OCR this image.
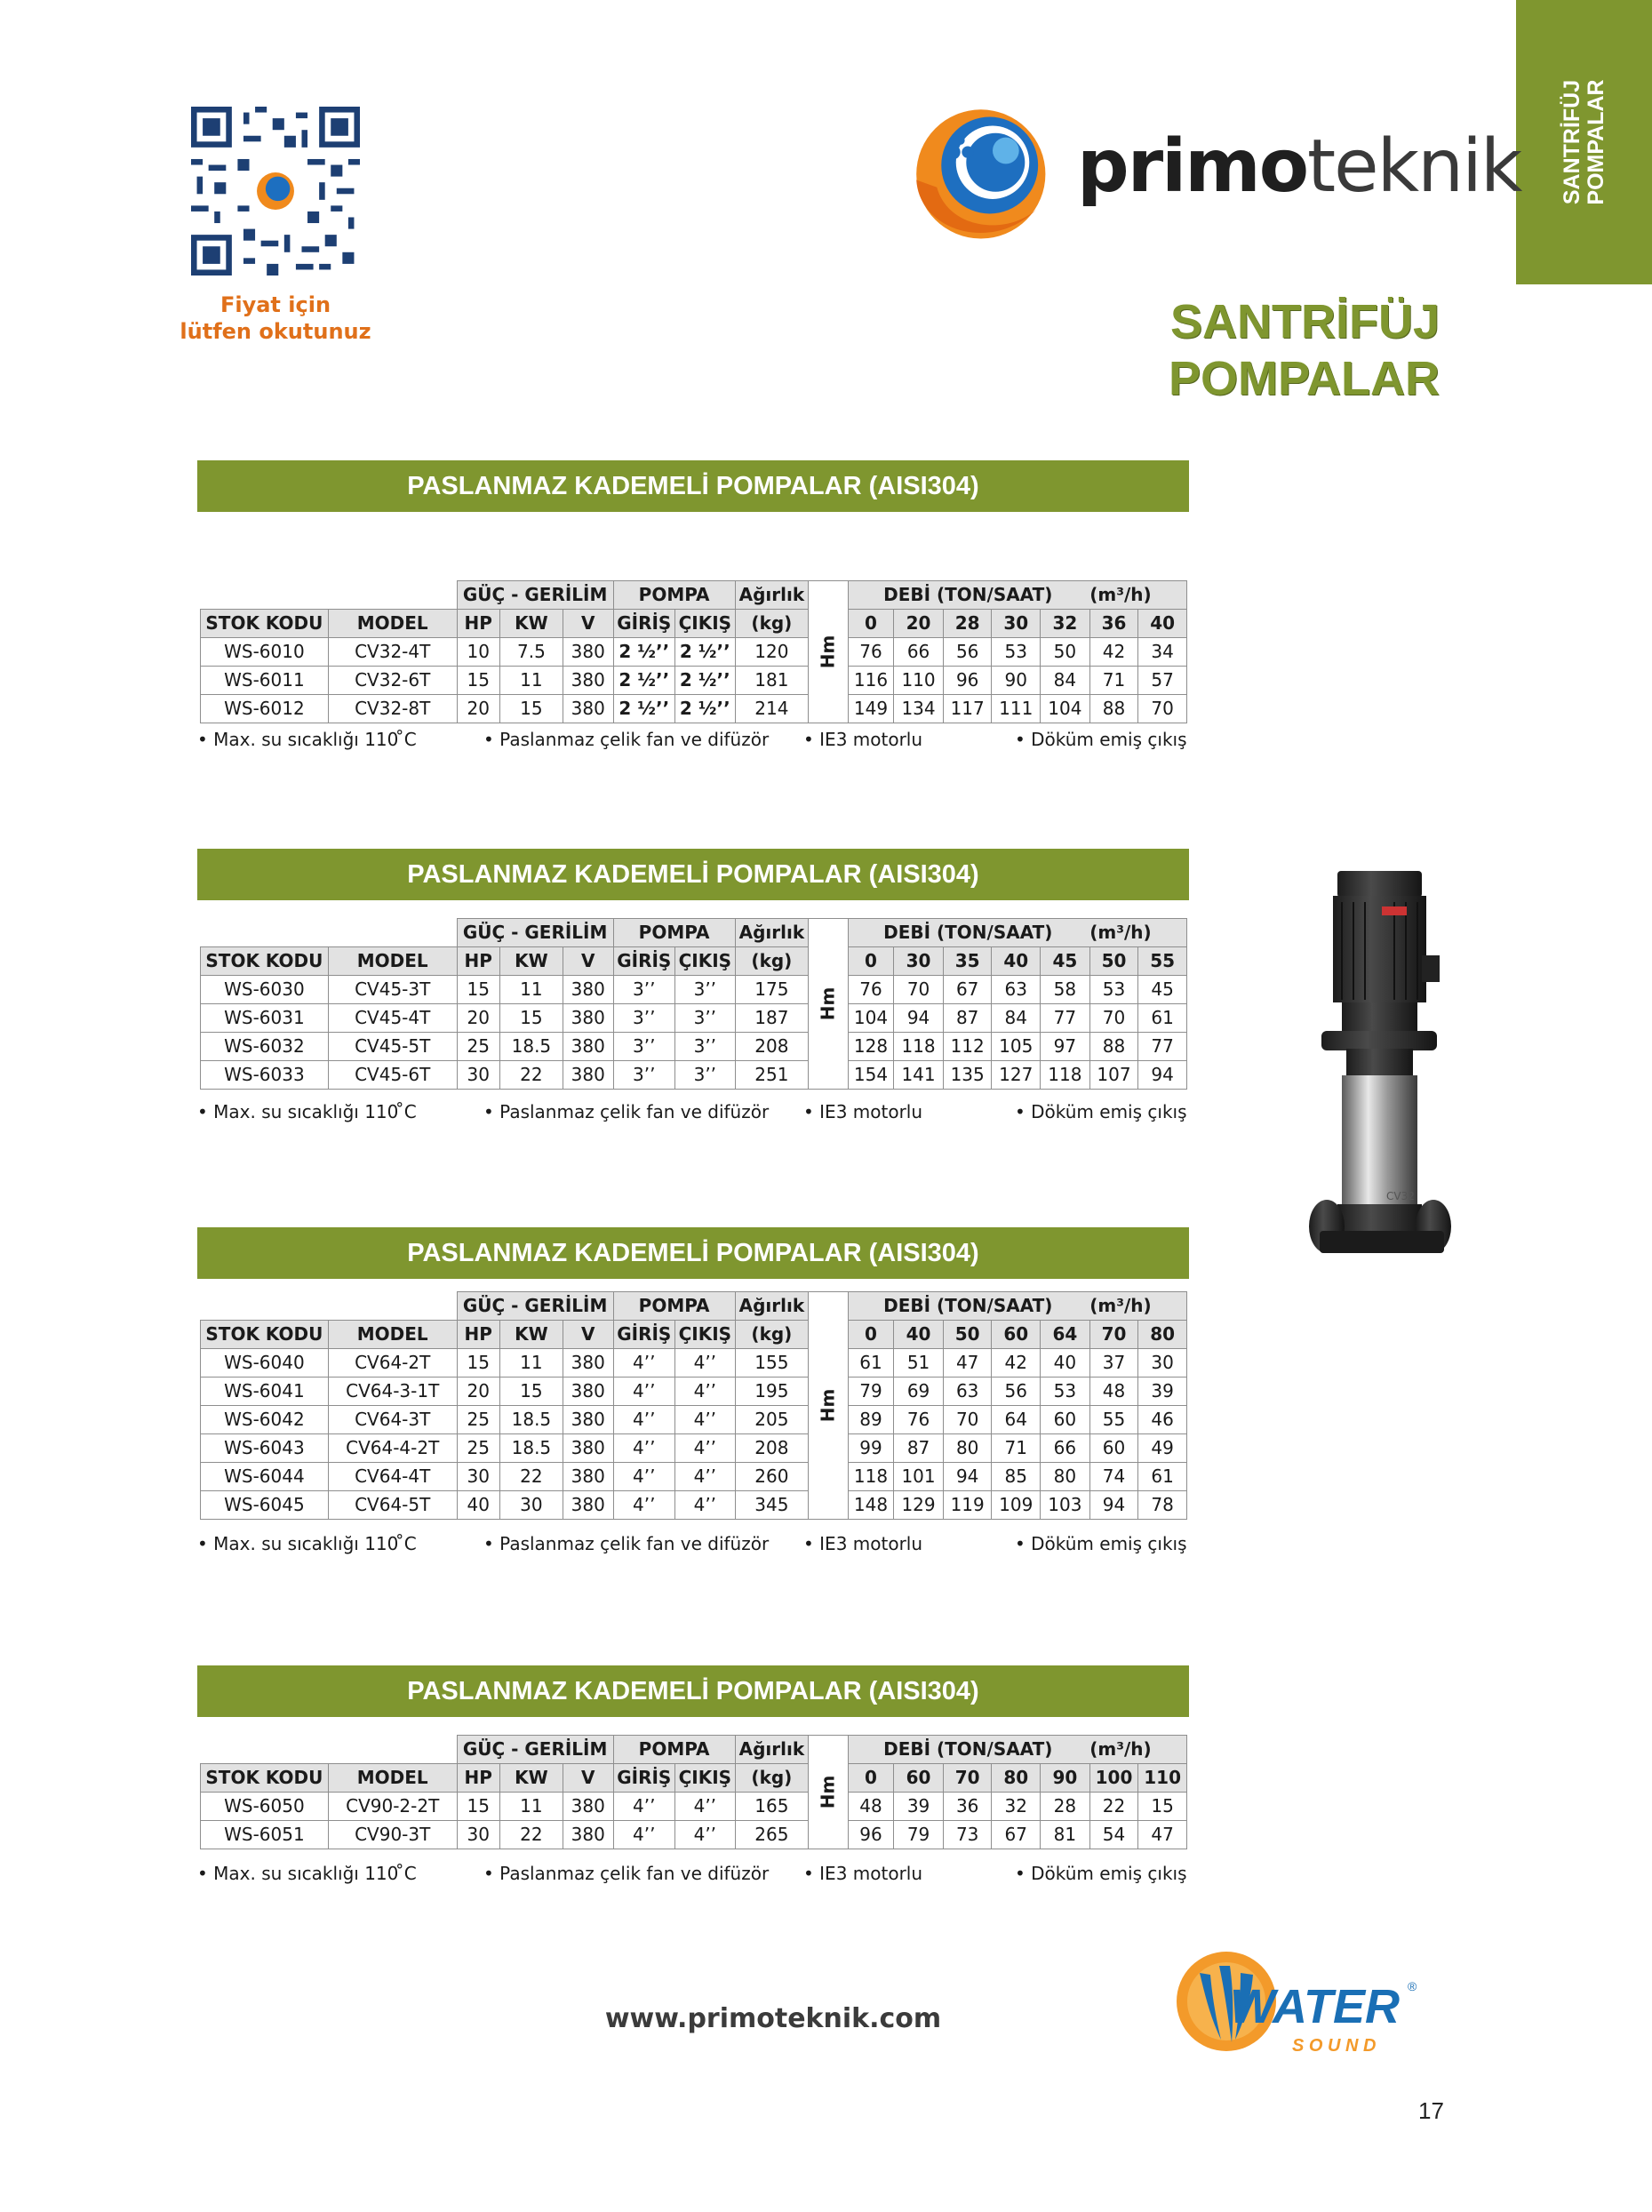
SANTRİFÜJ POMPALAR
Fiyat için
lütfen okutunuz
primoteknik
SANTRİFÜJ POMPALAR
CV32
PASLANMAZ KADEMELİ POMPALAR (AISI304)
		GÜÇ - GERİLİM			POMPA		Ağırlık	Hm	DEBİ (TON/SAAT) (m³/h)						
STOK KODU	MODEL	HP	KW	V	GİRİŞ	ÇIKIŞ	(kg)		0	20	28	30	32	36	40
WS-6010	CV32-4T	10	7.5	380	2 ½’’	2 ½’’	120		76	66	56	53	50	42	34
WS-6011	CV32-6T	15	11	380	2 ½’’	2 ½’’	181		116	110	96	90	84	71	57
WS-6012	CV32-8T	20	15	380	2 ½’’	2 ½’’	214		149	134	117	111	104	88	70
• Max. su sıcaklığı 110 ̊C	• Paslanmaz çelik fan ve difüzör • IE3 motorlu	• Döküm emiş çıkış
PASLANMAZ KADEMELİ POMPALAR (AISI304)
		GÜÇ - GERİLİM			POMPA		Ağırlık	Hm	DEBİ (TON/SAAT) (m³/h)						
STOK KODU	MODEL	HP	KW	V	GİRİŞ	ÇIKIŞ	(kg)		0	30	35	40	45	50	55
WS-6030	CV45-3T	15	11	380	3’’	3’’	175		76	70	67	63	58	53	45
WS-6031	CV45-4T	20	15	380	3’’	3’’	187		104	94	87	84	77	70	61
WS-6032	CV45-5T	25	18.5	380	3’’	3’’	208		128	118	112	105	97	88	77
WS-6033	CV45-6T	30	22	380	3’’	3’’	251		154	141	135	127	118	107	94
• Max. su sıcaklığı 110 ̊C	• Paslanmaz çelik fan ve difüzör • IE3 motorlu	• Döküm emiş çıkış
PASLANMAZ KADEMELİ POMPALAR (AISI304)
		GÜÇ - GERİLİM			POMPA		Ağırlık	Hm	DEBİ (TON/SAAT) (m³/h)						
STOK KODU	MODEL	HP	KW	V	GİRİŞ	ÇIKIŞ	(kg)		0	40	50	60	64	70	80
WS-6040	CV64-2T	15	11	380	4’’	4’’	155		61	51	47	42	40	37	30
WS-6041	CV64-3-1T	20	15	380	4’’	4’’	195		79	69	63	56	53	48	39
WS-6042	CV64-3T	25	18.5	380	4’’	4’’	205		89	76	70	64	60	55	46
WS-6043	CV64-4-2T	25	18.5	380	4’’	4’’	208		99	87	80	71	66	60	49
WS-6044	CV64-4T	30	22	380	4’’	4’’	260		118	101	94	85	80	74	61
WS-6045	CV64-5T	40	30	380	4’’	4’’	345		148	129	119	109	103	94	78
• Max. su sıcaklığı 110 ̊C	• Paslanmaz çelik fan ve difüzör • IE3 motorlu	• Döküm emiş çıkış
PASLANMAZ KADEMELİ POMPALAR (AISI304)
		GÜÇ - GERİLİM			POMPA		Ağırlık	Hm	DEBİ (TON/SAAT) (m³/h)						
STOK KODU	MODEL	HP	KW	V	GİRİŞ	ÇIKIŞ	(kg)		0	60	70	80	90	100	110
WS-6050	CV90-2-2T	15	11	380	4’’	4’’	165		48	39	36	32	28	22	15
WS-6051	CV90-3T	30	22	380	4’’	4’’	265		96	79	73	67	81	54	47
• Max. su sıcaklığı 110 ̊C	• Paslanmaz çelik fan ve difüzör • IE3 motorlu	• Döküm emiş çıkış
www.primoteknik.com	WATER ®
S O U N D
17
